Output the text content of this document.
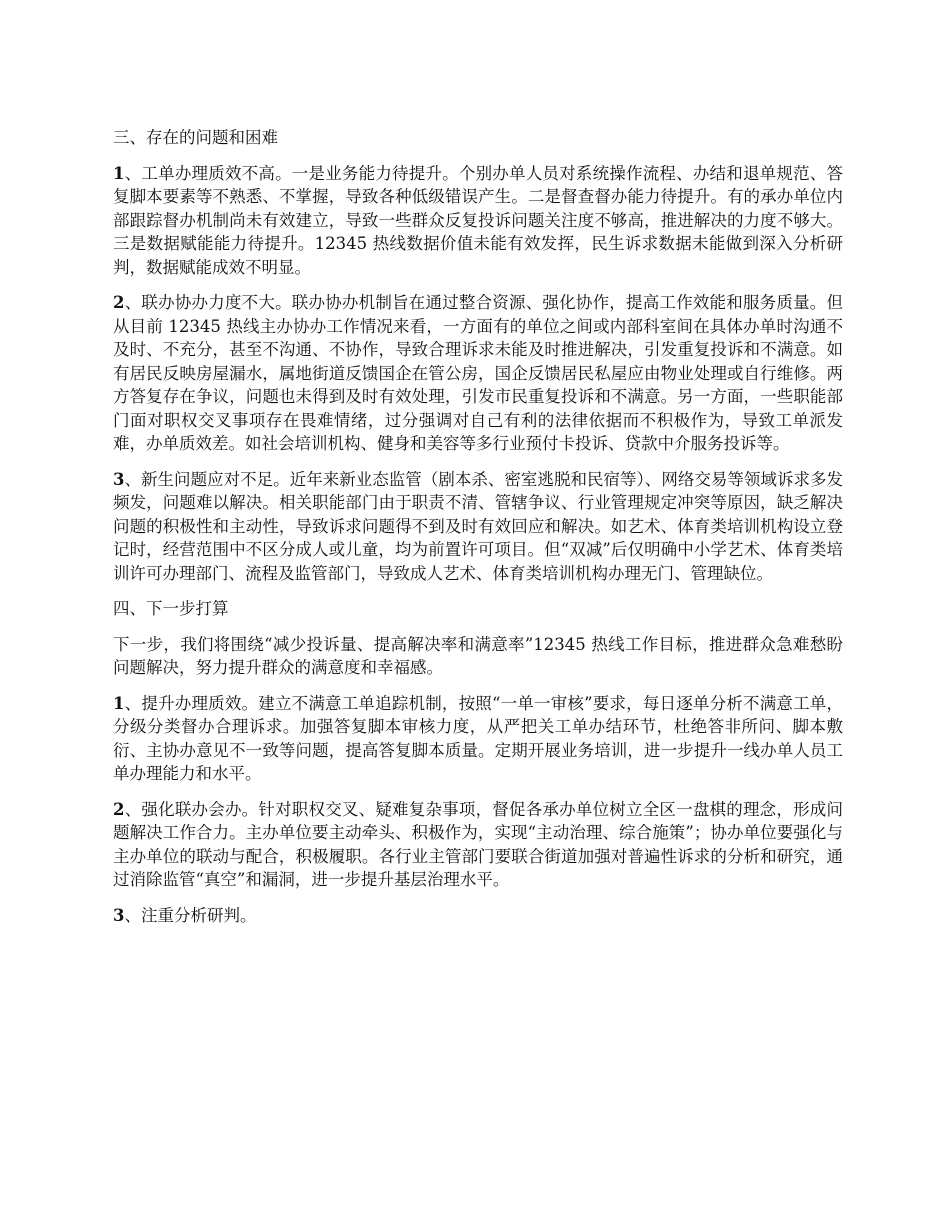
三、存在的问题和困难

1、工单办理质效不高。一是业务能力待提升。个别办单人员对系统操作流程、办结和退单规范、答复脚本要素等不熟悉、不掌握，导致各种低级错误产生。二是督查督办能力待提升。有的承办单位内部跟踪督办机制尚未有效建立，导致一些群众反复投诉问题关注度不够高，推进解决的力度不够大。三是数据赋能能力待提升。12345 热线数据价值未能有效发挥，民生诉求数据未能做到深入分析研判，数据赋能成效不明显。

2、联办协办力度不大。联办协办机制旨在通过整合资源、强化协作，提高工作效能和服务质量。但从目前 12345 热线主办协办工作情况来看，一方面有的单位之间或内部科室间在具体办单时沟通不及时、不充分，甚至不沟通、不协作，导致合理诉求未能及时推进解决，引发重复投诉和不满意。如有居民反映房屋漏水，属地街道反馈国企在管公房，国企反馈居民私屋应由物业处理或自行维修。两方答复存在争议，问题也未得到及时有效处理，引发市民重复投诉和不满意。另一方面，一些职能部门面对职权交叉事项存在畏难情绪，过分强调对自己有利的法律依据而不积极作为，导致工单派发难，办单质效差。如社会培训机构、健身和美容等多行业预付卡投诉、贷款中介服务投诉等。

3、新生问题应对不足。近年来新业态监管（剧本杀、密室逃脱和民宿等）、网络交易等领域诉求多发频发，问题难以解决。相关职能部门由于职责不清、管辖争议、行业管理规定冲突等原因，缺乏解决问题的积极性和主动性，导致诉求问题得不到及时有效回应和解决。如艺术、体育类培训机构设立登记时，经营范围中不区分成人或儿童，均为前置许可项目。但“双减”后仅明确中小学艺术、体育类培训许可办理部门、流程及监管部门，导致成人艺术、体育类培训机构办理无门、管理缺位。

四、下一步打算

下一步，我们将围绕“减少投诉量、提高解决率和满意率”12345 热线工作目标，推进群众急难愁盼问题解决，努力提升群众的满意度和幸福感。

1、提升办理质效。建立不满意工单追踪机制，按照“一单一审核”要求，每日逐单分析不满意工单，分级分类督办合理诉求。加强答复脚本审核力度，从严把关工单办结环节，杜绝答非所问、脚本敷衍、主协办意见不一致等问题，提高答复脚本质量。定期开展业务培训，进一步提升一线办单人员工单办理能力和水平。

2、强化联办会办。针对职权交叉、疑难复杂事项，督促各承办单位树立全区一盘棋的理念，形成问题解决工作合力。主办单位要主动牵头、积极作为，实现“主动治理、综合施策”；协办单位要强化与主办单位的联动与配合，积极履职。各行业主管部门要联合街道加强对普遍性诉求的分析和研究，通过消除监管“真空”和漏洞，进一步提升基层治理水平。

3、注重分析研判。
